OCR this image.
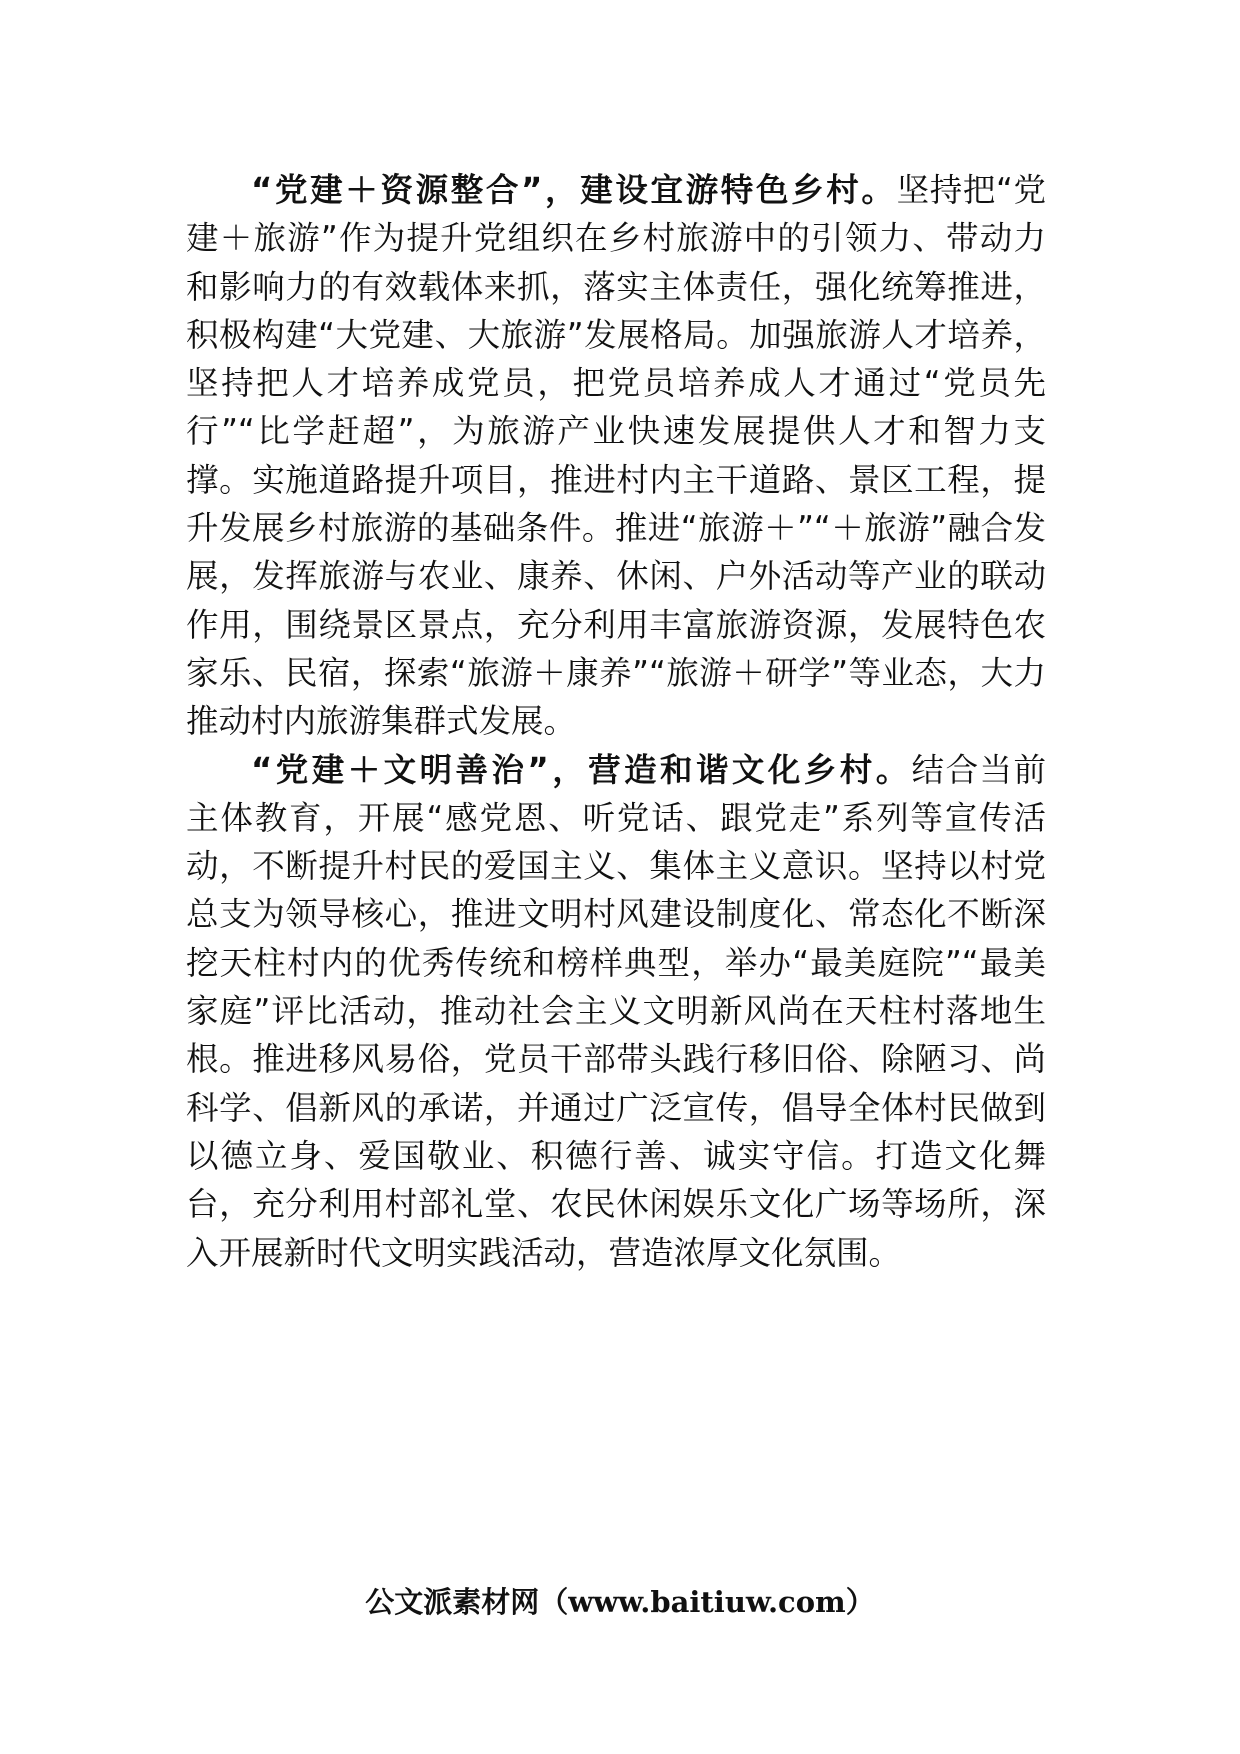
“党建＋资源整合”，建设宜游特色乡村。坚持把“党建＋旅游”作为提升党组织在乡村旅游中的引领力、带动力和影响力的有效载体来抓，落实主体责任，强化统筹推进，积极构建“大党建、大旅游”发展格局。加强旅游人才培养，坚持把人才培养成党员，把党员培养成人才通过“党员先行”“比学赶超”，为旅游产业快速发展提供人才和智力支撑。实施道路提升项目，推进村内主干道路、景区工程，提升发展乡村旅游的基础条件。推进“旅游＋”“＋旅游”融合发展，发挥旅游与农业、康养、休闲、户外活动等产业的联动作用，围绕景区景点，充分利用丰富旅游资源，发展特色农家乐、民宿，探索“旅游＋康养”“旅游＋研学”等业态，大力推动村内旅游集群式发展。

“党建＋文明善治”，营造和谐文化乡村。结合当前主体教育，开展“感党恩、听党话、跟党走”系列等宣传活动，不断提升村民的爱国主义、集体主义意识。坚持以村党总支为领导核心，推进文明村风建设制度化、常态化不断深挖天柱村内的优秀传统和榜样典型，举办“最美庭院”“最美家庭”评比活动，推动社会主义文明新风尚在天柱村落地生根。推进移风易俗，党员干部带头践行移旧俗、除陋习、尚科学、倡新风的承诺，并通过广泛宣传，倡导全体村民做到以德立身、爱国敬业、积德行善、诚实守信。打造文化舞台，充分利用村部礼堂、农民休闲娱乐文化广场等场所，深入开展新时代文明实践活动，营造浓厚文化氛围。

公文派素材网（www.baitiuw.com）
